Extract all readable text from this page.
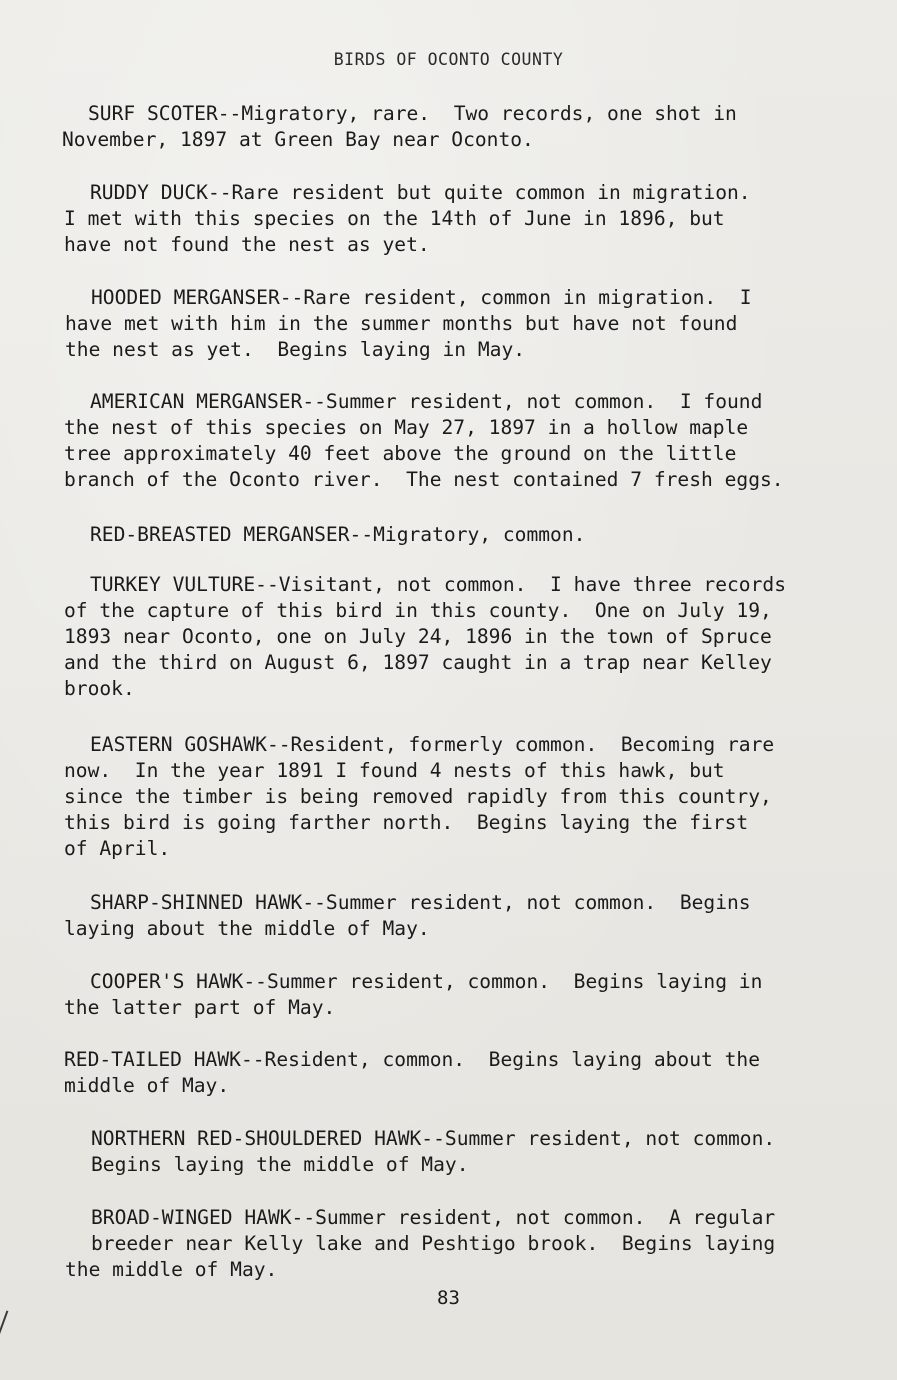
BIRDS OF OCONTO COUNTY

SURF SCOTER--Migratory, rare.  Two records, one shot in
November, 1897 at Green Bay near Oconto.

RUDDY DUCK--Rare resident but quite common in migration.
I met with this species on the 14th of June in 1896, but
have not found the nest as yet.

HOODED MERGANSER--Rare resident, common in migration.  I
have met with him in the summer months but have not found
the nest as yet.  Begins laying in May.

AMERICAN MERGANSER--Summer resident, not common.  I found
the nest of this species on May 27, 1897 in a hollow maple
tree approximately 40 feet above the ground on the little
branch of the Oconto river.  The nest contained 7 fresh eggs.

RED-BREASTED MERGANSER--Migratory, common.

TURKEY VULTURE--Visitant, not common.  I have three records
of the capture of this bird in this county.  One on July 19,
1893 near Oconto, one on July 24, 1896 in the town of Spruce
and the third on August 6, 1897 caught in a trap near Kelley
brook.

EASTERN GOSHAWK--Resident, formerly common.  Becoming rare
now.  In the year 1891 I found 4 nests of this hawk, but
since the timber is being removed rapidly from this country,
this bird is going farther north.  Begins laying the first
of April.

SHARP-SHINNED HAWK--Summer resident, not common.  Begins
laying about the middle of May.

COOPER'S HAWK--Summer resident, common.  Begins laying in
the latter part of May.

RED-TAILED HAWK--Resident, common.  Begins laying about the
middle of May.

NORTHERN RED-SHOULDERED HAWK--Summer resident, not common.
Begins laying the middle of May.

BROAD-WINGED HAWK--Summer resident, not common.  A regular
breeder near Kelly lake and Peshtigo brook.  Begins laying
the middle of May.

83
